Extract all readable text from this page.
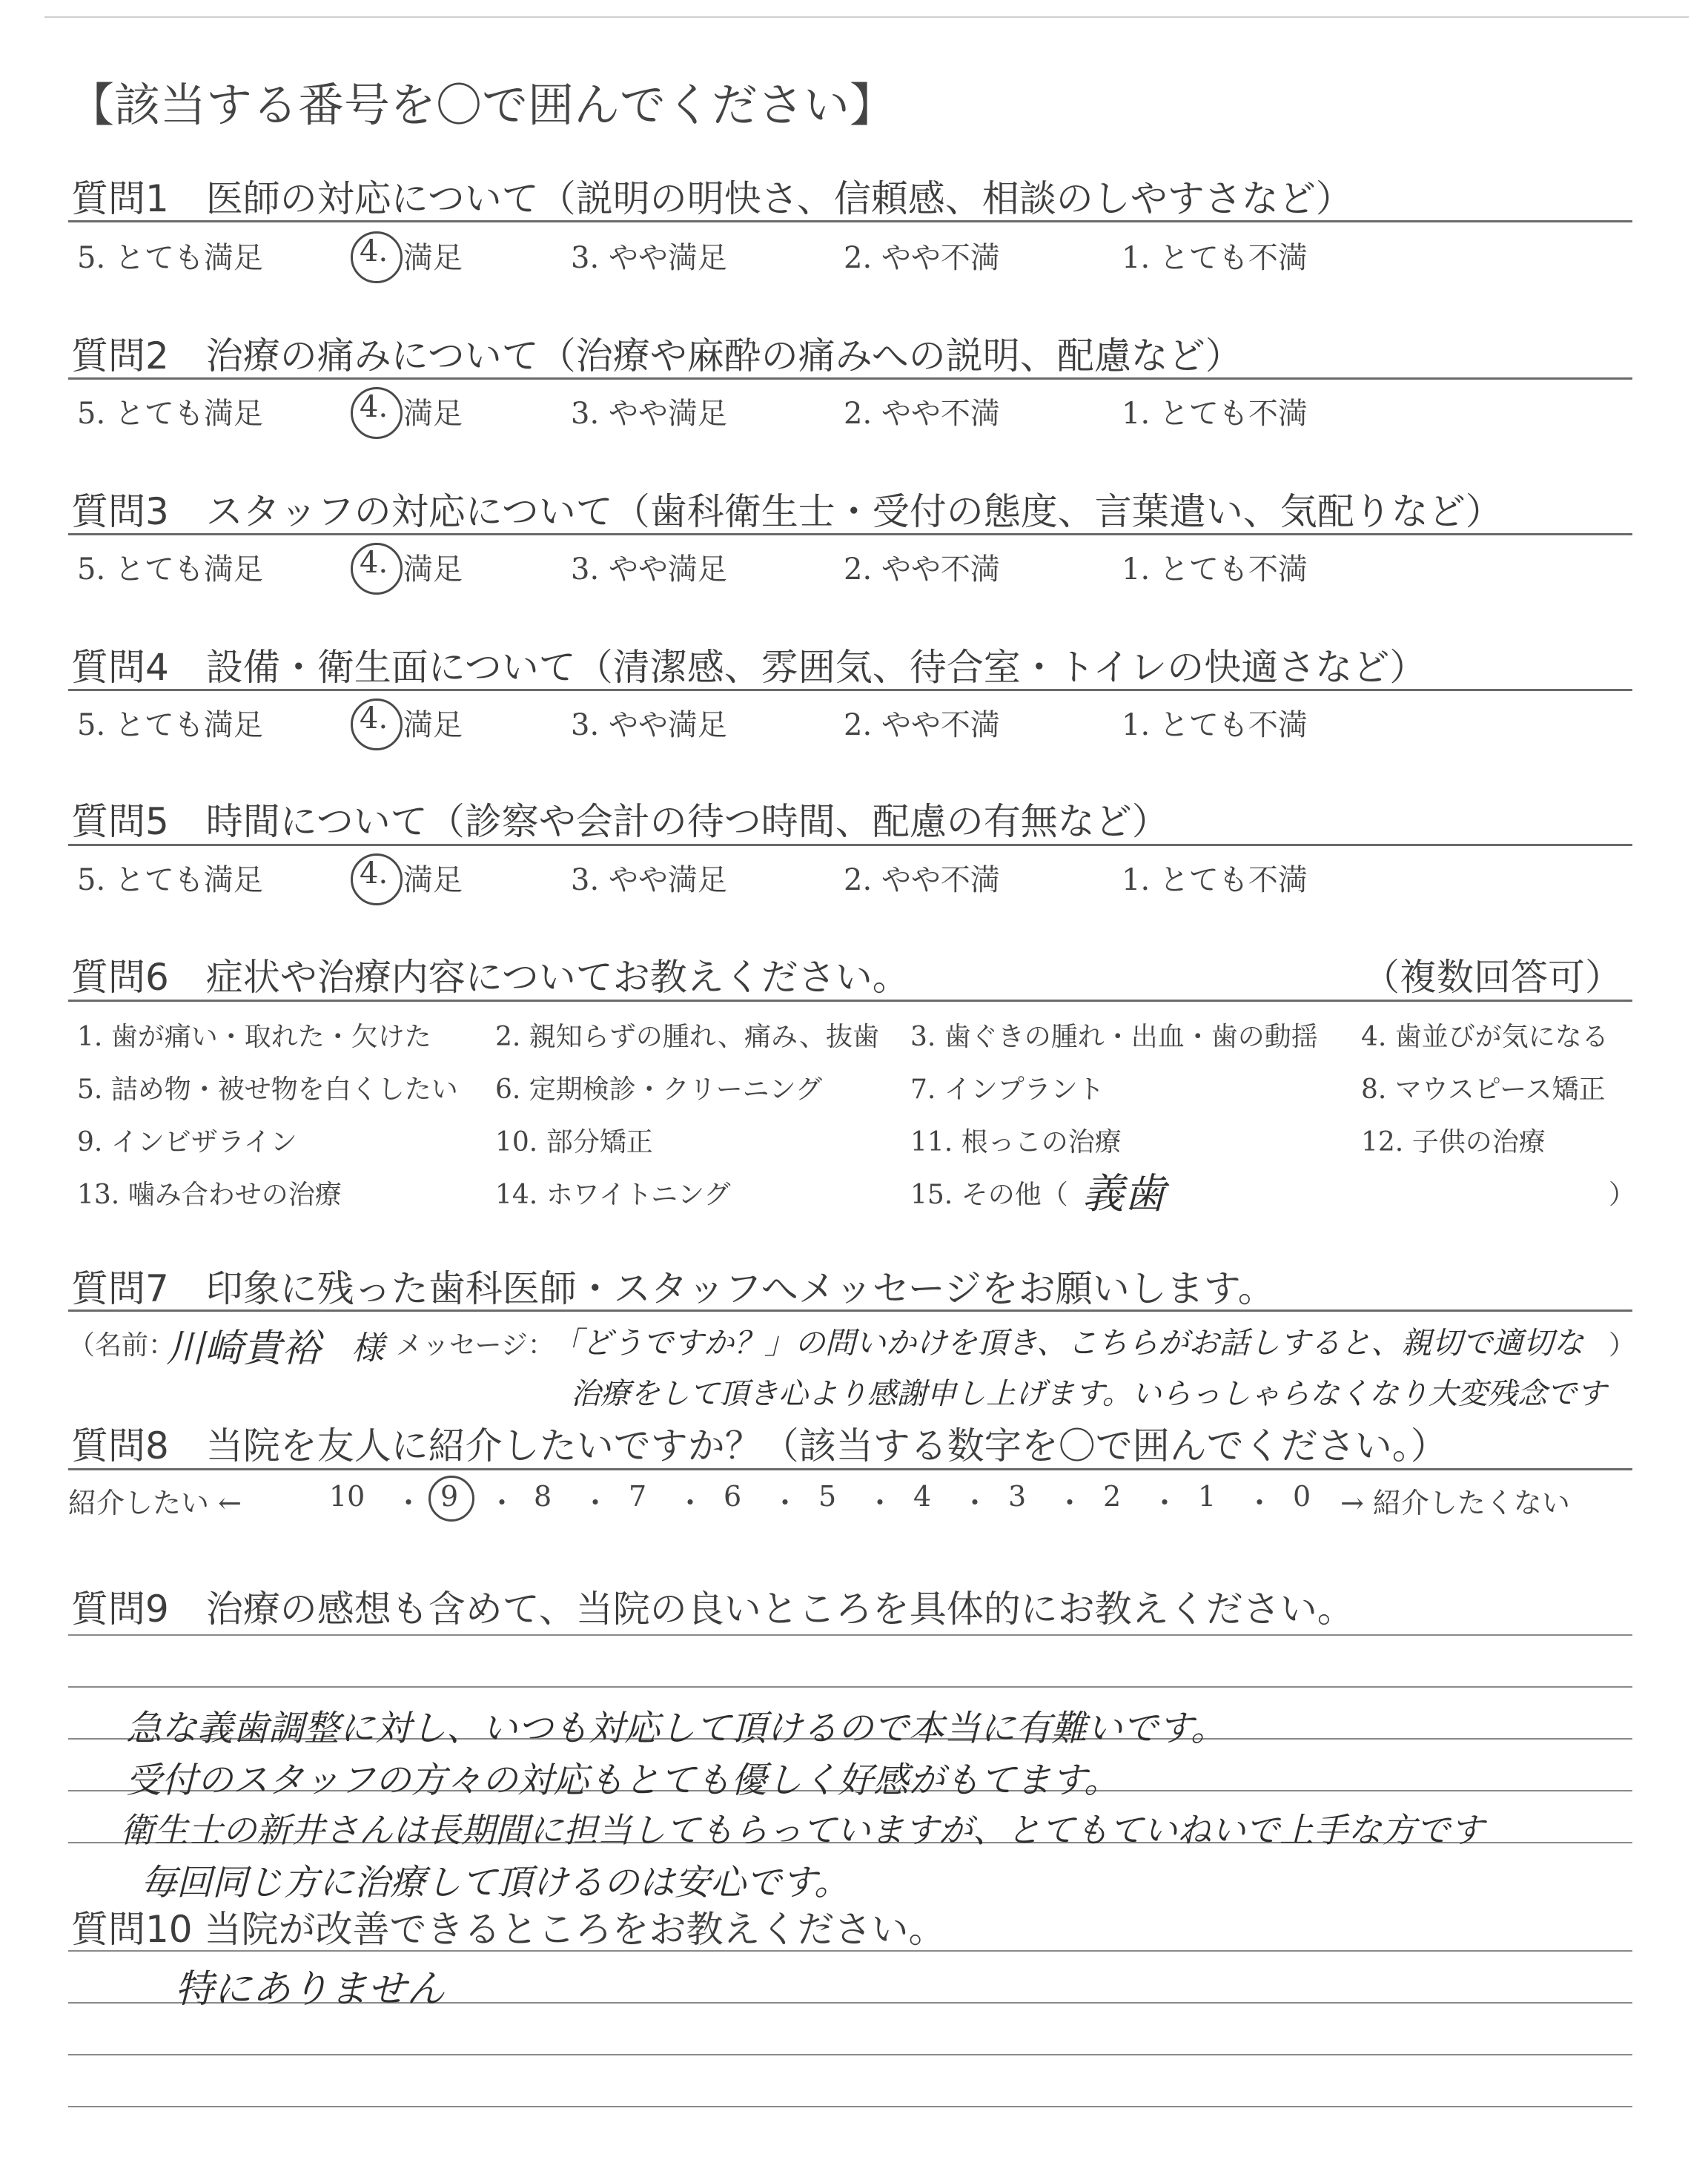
【該当する番号を〇で囲んでください】
質問1　医師の対応について（説明の明快さ、信頼感、相談のしやすさなど）
5. とても満足	4. 満足	3. やや満足	2. やや不満	1. とても不満
質問2　治療の痛みについて（治療や麻酔の痛みへの説明、配慮など）
5. とても満足	4. 満足	3. やや満足	2. やや不満	1. とても不満
質問3　スタッフの対応について（歯科衛生士・受付の態度、言葉遣い、気配りなど）
5. とても満足	4. 満足	3. やや満足	2. やや不満	1. とても不満
質問4　設備・衛生面について（清潔感、雰囲気、待合室・トイレの快適さなど）
5. とても満足	4. 満足	3. やや満足	2. やや不満	1. とても不満
質問5　時間について（診察や会計の待つ時間、配慮の有無など）
5. とても満足	4. 満足	3. やや満足	2. やや不満	1. とても不満
質問6　症状や治療内容についてお教えください。	（複数回答可）
1. 歯が痛い・取れた・欠けた 2. 親知らずの腫れ、痛み、抜歯 3. 歯ぐきの腫れ・出血・歯の動揺 4. 歯並びが気になる
5. 詰め物・被せ物を白くしたい 6. 定期検診・クリーニング	7. インプラント	8. マウスピース矯正
9. インビザライン	10. 部分矯正	11. 根っこの治療	12. 子供の治療
13. 噛み合わせの治療	14. ホワイトニング	15. その他（ 義歯	）
質問7　印象に残った歯科医師・スタッフへメッセージをお願いします。
（名前：
川崎貴裕 様 メッセージ：
「どうですか？」の問いかけを頂き、こちらがお話しすると、親切で適切な ）
治療をして頂き心より感謝申し上げます。いらっしゃらなくなり大変残念です
質問8　当院を友人に紹介したいですか？（該当する数字を〇で囲んでください。）
紹介したい ←	10 ・ 9 ・ 8 ・ 7 ・ 6 ・ 5 ・ 4 ・ 3 ・ 2 ・ 1 ・ 0 → 紹介したくない
質問9　治療の感想も含めて、当院の良いところを具体的にお教えください。
急な義歯調整に対し、いつも対応して頂けるので本当に有難いです。
受付のスタッフの方々の対応もとても優しく好感がもてます。
衛生士の新井さんは長期間に担当してもらっていますが、とてもていねいで上手な方です
毎回同じ方に治療して頂けるのは安心です。
質問10 当院が改善できるところをお教えください。
特にありません
